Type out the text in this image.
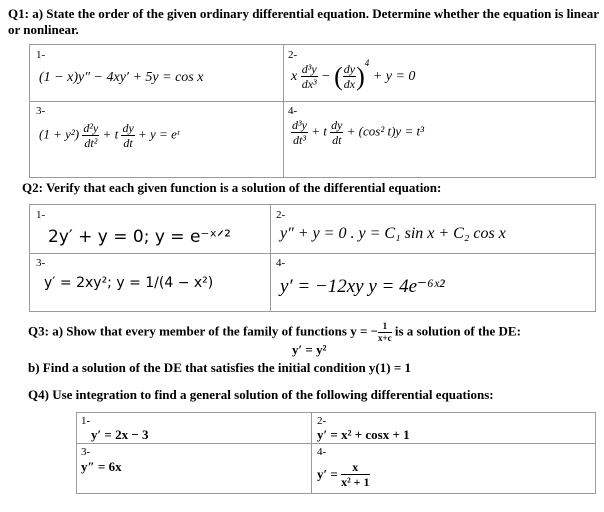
Q1: a) State the order of the given ordinary differential equation. Determine whether the equation is linear or nonlinear.
1-
(1 − x)y″ − 4xy′ + 5y = cos x
2-
x $\frac{\text{d³y}}{\text{dx³}}$ − ( $\frac{dy}{dx} )^4 + y = 0$
3-
$(1 + y^2) \frac{\text{d²y}}{\text{dt²}} + t \frac{dy}{dt} + y$ = eᵗ
4-
$\frac{\text{d³y}}{\text{dt³}} + t \frac{dy}{dt} + (\cos^2$ t)y = t³
Q2: Verify that each given function is a solution of the differential equation:
1-
2y′ + y = 0; y = e⁻ˣᐟ²
2-
y″ + y = 0 . y = C₁ sin x + C₂ cos x
3-
y′ = 2xy²; y = 1/(4 − x²)
4-
y′ = −12xy y = 4e⁻⁶ˣ²
Q3: a) Show that every member of the family of functions y = − $\frac{1}{x+c}$ is a solution of the DE:
y′ = y²
b) Find a solution of the DE that satisfies the initial condition y(1) = 1
Q4) Use integration to find a general solution of the following differential equations:
1-
y′ = 2x − 3
2-
y′ = x² + cosx + 1
3-
y″ = 6x
4-
$y' = \frac{x}{\text{x² + 1}}$
